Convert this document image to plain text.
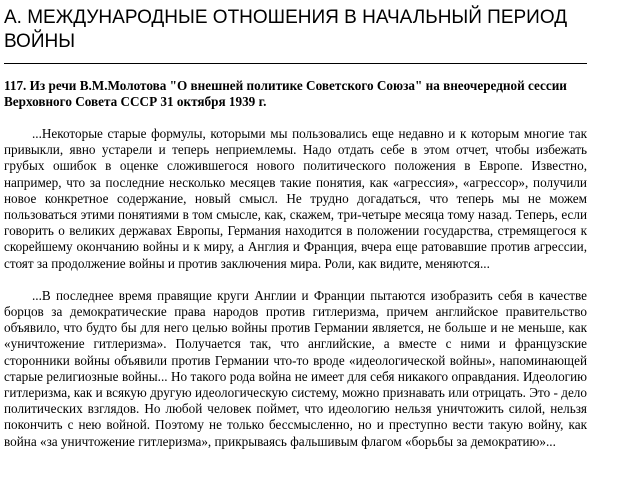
А. МЕЖДУНАРОДНЫЕ ОТНОШЕНИЯ В НАЧАЛЬНЫЙ ПЕРИОД ВОЙНЫ

117. Из речи В.М.Молотова "О внешней политике Советского Союза" на внеочередной сессии Верховного Совета СССР 31 октября 1939 г.

...Некоторые старые формулы, которыми мы пользовались еще недавно и к которым многие так привыкли, явно устарели и теперь неприемлемы. Надо отдать себе в этом отчет, чтобы избежать грубых ошибок в оценке сложившегося нового политического положения в Европе. Известно, например, что за последние несколько месяцев такие понятия, как «агрессия», «агрессор», получили новое конкретное содержание, новый смысл. Не трудно догадаться, что теперь мы не можем пользоваться этими понятиями в том смысле, как, скажем, три-четыре месяца тому назад. Теперь, если говорить о великих державах Европы, Германия находится в положении государства, стремящегося к скорейшему окончанию войны и к миру, а Англия и Франция, вчера еще ратовавшие против агрессии, стоят за продолжение войны и против заключения мира. Роли, как видите, меняются...

...В последнее время правящие круги Англии и Франции пытаются изобразить себя в качестве борцов за демократические права народов против гитлеризма, причем английское правительство объявило, что будто бы для него целью войны против Германии является, не больше и не меньше, как «уничтожение гитлеризма». Получается так, что английские, а вместе с ними и французские сторонники войны объявили против Германии что-то вроде «идеологической войны», напоминающей старые религиозные войны... Но такого рода война не имеет для себя никакого оправдания. Идеологию гитлеризма, как и всякую другую идеологическую систему, можно признавать или отрицать. Это - дело политических взглядов. Но любой человек поймет, что идеологию нельзя уничтожить силой, нельзя покончить с нею войной. Поэтому не только бессмысленно, но и преступно вести такую войну, как война «за уничтожение гитлеризма», прикрываясь фальшивым флагом «борьбы за демократию»...
